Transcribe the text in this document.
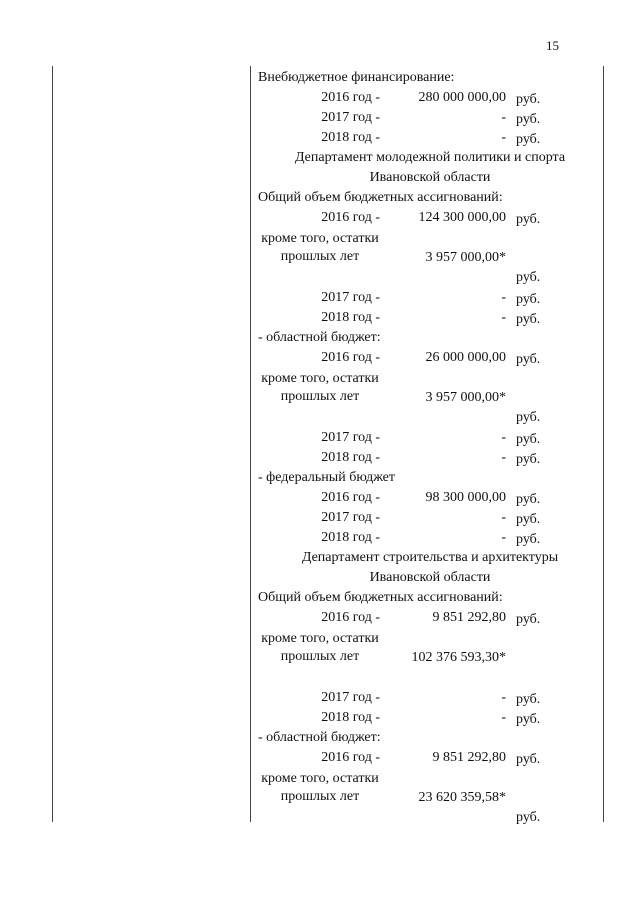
15
Внебюджетное финансирование:
2016 год -	280 000 000,00 руб.
2017 год -	- руб.
2018 год -	- руб.
Департамент молодежной политики и спорта
Ивановской области
Общий объем бюджетных ассигнований:
2016 год -	124 300 000,00 руб.
кроме того, остатки прошлых лет	3 957 000,00*
руб.
2017 год -	- руб.
2018 год -	- руб.
- областной бюджет:
2016 год -	26 000 000,00 руб.
кроме того, остатки прошлых лет	3 957 000,00*
руб.
2017 год -	- руб.
2018 год -	- руб.
- федеральный бюджет
2016 год -	98 300 000,00 руб.
2017 год -	- руб.
2018 год -	- руб.
Департамент строительства и архитектуры
Ивановской области
Общий объем бюджетных ассигнований:
2016 год -	9 851 292,80 руб.
кроме того, остатки прошлых лет	102 376 593,30*
2017 год -	- руб.
2018 год -	- руб.
- областной бюджет:
2016 год -	9 851 292,80 руб.
кроме того, остатки прошлых лет	23 620 359,58*
руб.
